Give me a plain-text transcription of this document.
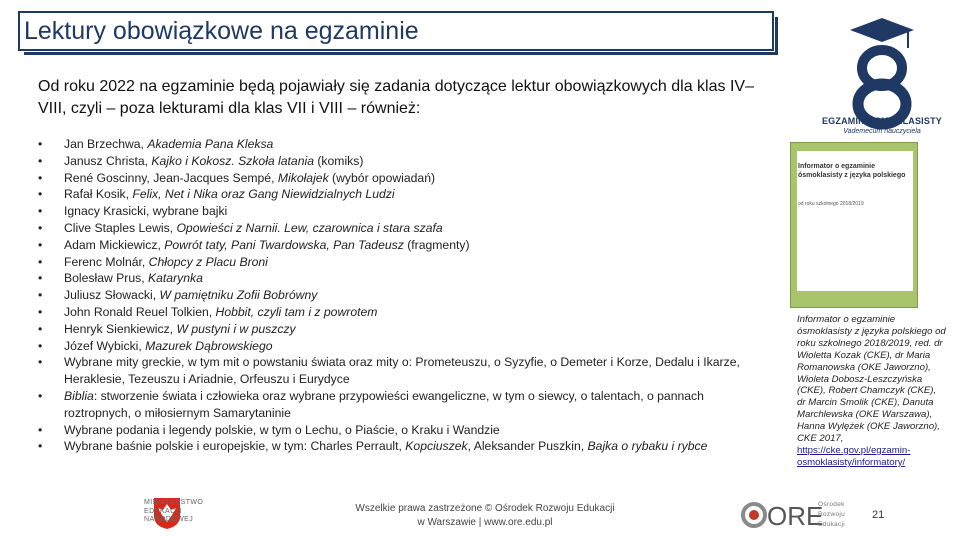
Lektury obowiązkowe na egzaminie
Od roku 2022 na egzaminie będą pojawiały się zadania dotyczące lektur obowiązkowych dla klas IV–VIII, czyli – poza lekturami dla klas VII i VIII – również:
• Jan Brzechwa, Akademia Pana Kleksa
• Janusz Christa, Kajko i Kokosz. Szkoła latania (komiks)
• René Goscinny, Jean-Jacques Sempé, Mikołajek (wybór opowiadań)
• Rafał Kosik, Felix, Net i Nika oraz Gang Niewidzialnych Ludzi
• Ignacy Krasicki, wybrane bajki
• Clive Staples Lewis, Opowieści z Narnii. Lew, czarownica i stara szafa
• Adam Mickiewicz, Powrót taty, Pani Twardowska, Pan Tadeusz (fragmenty)
• Ferenc Molnár, Chłopcy z Placu Broni
• Bolesław Prus, Katarynka
• Juliusz Słowacki, W pamiętniku Zofii Bobrówny
• John Ronald Reuel Tolkien, Hobbit, czyli tam i z powrotem
• Henryk Sienkiewicz, W pustyni i w puszczy
• Józef Wybicki, Mazurek Dąbrowskiego
• Wybrane mity greckie, w tym mit o powstaniu świata oraz mity o: Prometeuszu, o Syzyfie, o Demeter i Korze, Dedalu i Ikarze, Heraklesie, Tezeuszu i Ariadnie, Orfeuszu i Eurydyce
• Biblia: stworzenie świata i człowieka oraz wybrane przypowieści ewangeliczne, w tym o siewcy, o talentach, o pannach roztropnych, o miłosiernym Samarytaninie
• Wybrane podania i legendy polskie, w tym o Lechu, o Piaście, o Kraku i Wandzie
• Wybrane baśnie polskie i europejskie, w tym: Charles Perrault, Kopciuszek, Aleksander Puszkin, Bajka o rybaku i rybce
EGZAMIN ÓSMOKLASISTY
Vademecum nauczyciela
Informator o egzaminie ósmoklasisty z języka polskiego
od roku szkolnego 2018/2019
Informator o egzaminie ósmoklasisty z języka polskiego od roku szkolnego 2018/2019, red. dr Wioletta Kozak (CKE), dr Maria Romanowska (OKE Jaworzno), Wioleta Dobosz-Leszczyńska (CKE), Robert Chamczyk (CKE), dr Marcin Smolik (CKE), Danuta Marchlewska (OKE Warszawa), Hanna Wylężek (OKE Jaworzno), CKE 2017, https://cke.gov.pl/egzamin-osmoklasisty/informatory/
MINISTERSTWO
EDUKACJI
NARODOWEJ
Wszelkie prawa zastrzeżone © Ośrodek Rozwoju Edukacji
w Warszawie | www.ore.edu.pl	ORE
Ośrodek
Rozwoju
Edukacji
21
